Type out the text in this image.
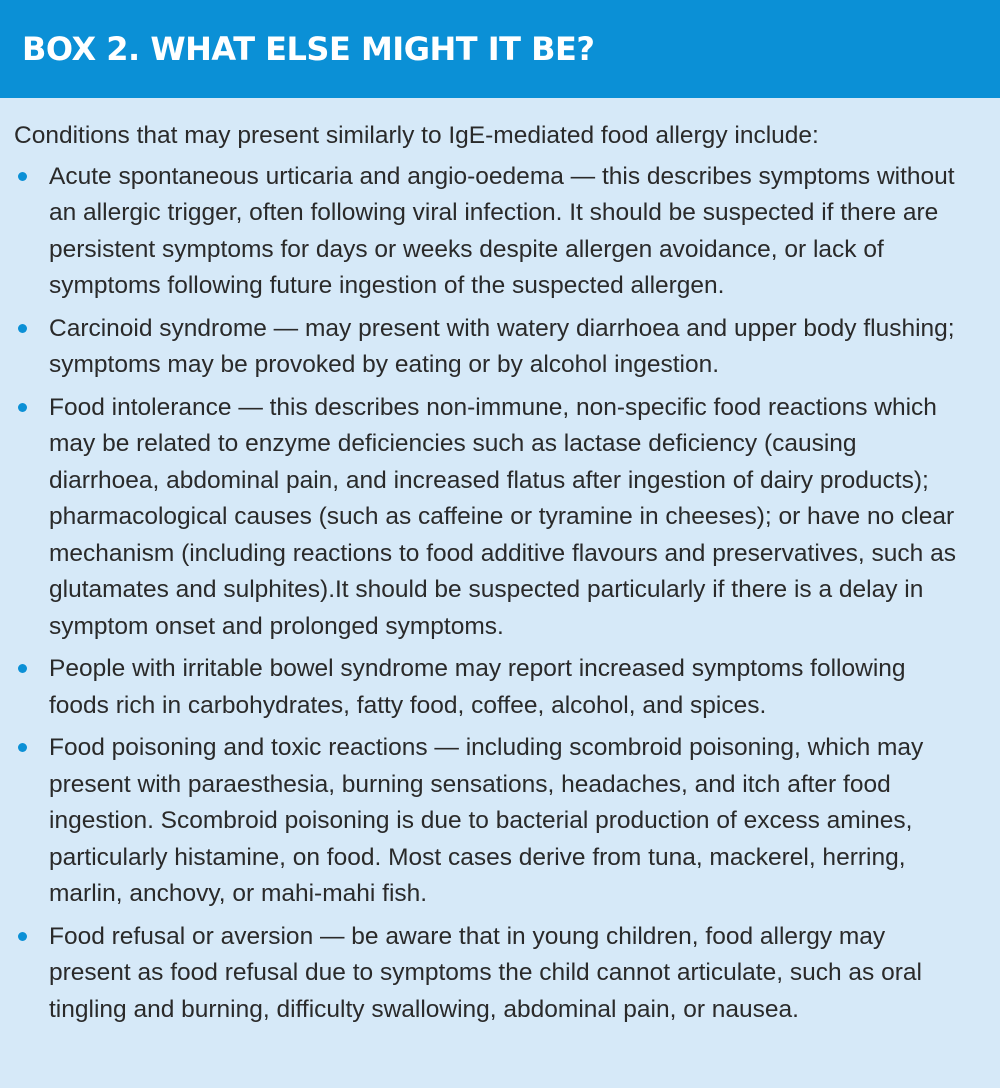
BOX 2. WHAT ELSE MIGHT IT BE?

Conditions that may present similarly to IgE-mediated food allergy include:

Acute spontaneous urticaria and angio-oedema — this describes symptoms without an allergic trigger, often following viral infection. It should be suspected if there are persistent symptoms for days or weeks despite allergen avoidance, or lack of symptoms following future ingestion of the suspected allergen.
Carcinoid syndrome — may present with watery diarrhoea and upper body flushing; symptoms may be provoked by eating or by alcohol ingestion.
Food intolerance — this describes non-immune, non-specific food reactions which may be related to enzyme deficiencies such as lactase deficiency (causing diarrhoea, abdominal pain, and increased flatus after ingestion of dairy products); pharmacological causes (such as caffeine or tyramine in cheeses); or have no clear mechanism (including reactions to food additive flavours and preservatives, such as glutamates and sulphites).It should be suspected particularly if there is a delay in symptom onset and prolonged symptoms.
People with irritable bowel syndrome may report increased symptoms following foods rich in carbohydrates, fatty food, coffee, alcohol, and spices.
Food poisoning and toxic reactions — including scombroid poisoning, which may present with paraesthesia, burning sensations, headaches, and itch after food ingestion. Scombroid poisoning is due to bacterial production of excess amines, particularly histamine, on food. Most cases derive from tuna, mackerel, herring, marlin, anchovy, or mahi-mahi fish.
Food refusal or aversion — be aware that in young children, food allergy may present as food refusal due to symptoms the child cannot articulate, such as oral tingling and burning, difficulty swallowing, abdominal pain, or nausea.
